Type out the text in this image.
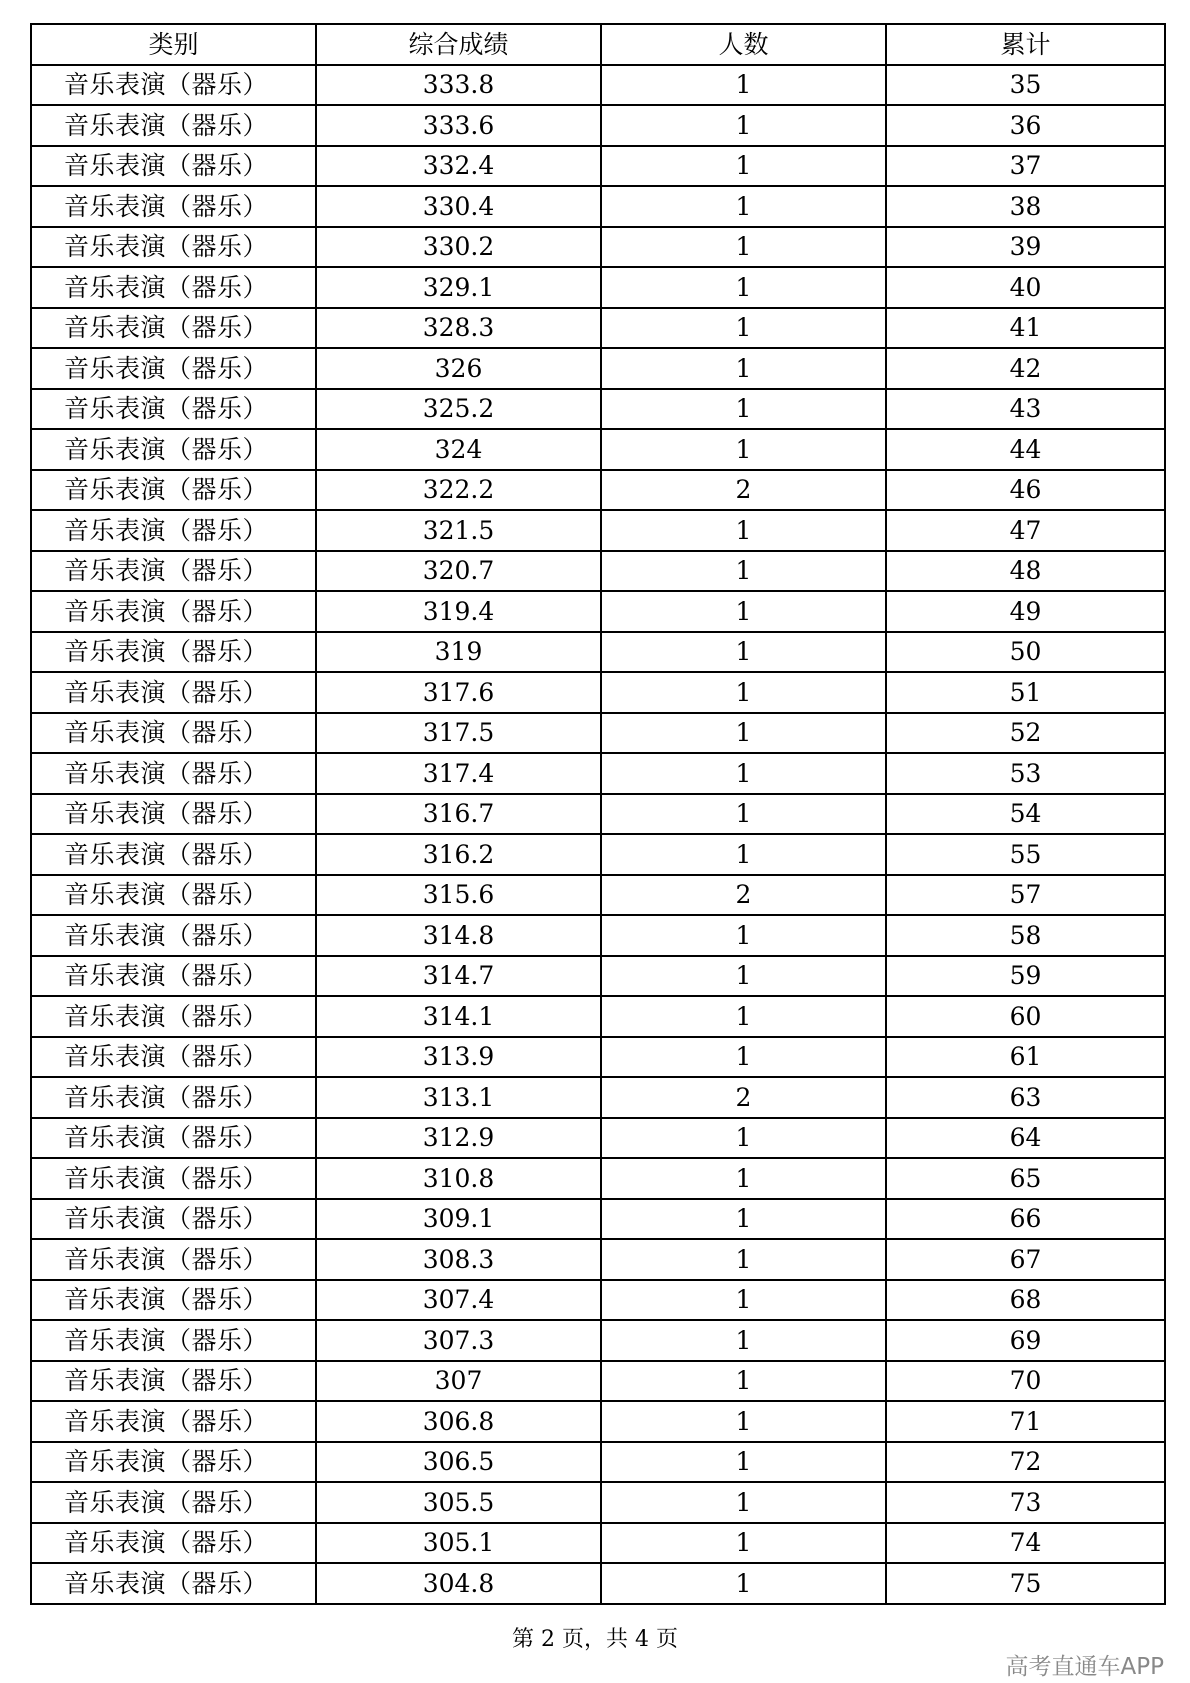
类别	综合成绩	人数	累计
音乐表演（器乐）	333.8	1	35
音乐表演（器乐）	333.6	1	36
音乐表演（器乐）	332.4	1	37
音乐表演（器乐）	330.4	1	38
音乐表演（器乐）	330.2	1	39
音乐表演（器乐）	329.1	1	40
音乐表演（器乐）	328.3	1	41
音乐表演（器乐）	326	1	42
音乐表演（器乐）	325.2	1	43
音乐表演（器乐）	324	1	44
音乐表演（器乐）	322.2	2	46
音乐表演（器乐）	321.5	1	47
音乐表演（器乐）	320.7	1	48
音乐表演（器乐）	319.4	1	49
音乐表演（器乐）	319	1	50
音乐表演（器乐）	317.6	1	51
音乐表演（器乐）	317.5	1	52
音乐表演（器乐）	317.4	1	53
音乐表演（器乐）	316.7	1	54
音乐表演（器乐）	316.2	1	55
音乐表演（器乐）	315.6	2	57
音乐表演（器乐）	314.8	1	58
音乐表演（器乐）	314.7	1	59
音乐表演（器乐）	314.1	1	60
音乐表演（器乐）	313.9	1	61
音乐表演（器乐）	313.1	2	63
音乐表演（器乐）	312.9	1	64
音乐表演（器乐）	310.8	1	65
音乐表演（器乐）	309.1	1	66
音乐表演（器乐）	308.3	1	67
音乐表演（器乐）	307.4	1	68
音乐表演（器乐）	307.3	1	69
音乐表演（器乐）	307	1	70
音乐表演（器乐）	306.8	1	71
音乐表演（器乐）	306.5	1	72
音乐表演（器乐）	305.5	1	73
音乐表演（器乐）	305.1	1	74
音乐表演（器乐）	304.8	1	75
第 2 页，共 4 页
高考直通车APP
